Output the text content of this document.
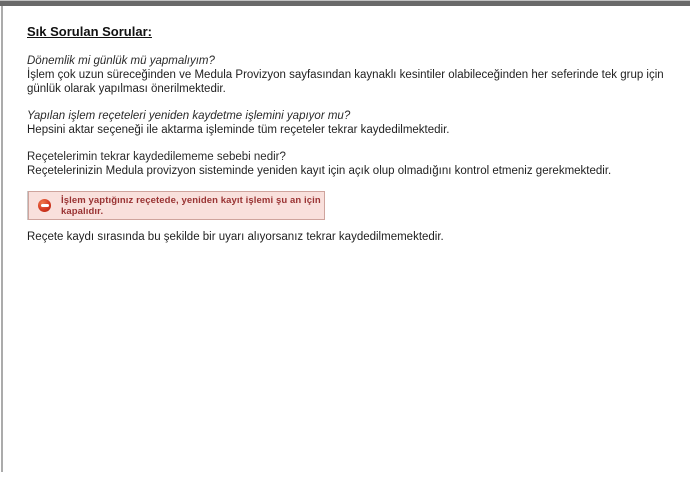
Sık Sorulan Sorular:
Dönemlik mi günlük mü yapmalıyım?
İşlem çok uzun süreceğinden ve Medula Provizyon sayfasından kaynaklı kesintiler olabileceğinden her seferinde tek grup için günlük olarak yapılması önerilmektedir.
Yapılan işlem reçeteleri yeniden kaydetme işlemini yapıyor mu?
Hepsini aktar seçeneği ile aktarma işleminde tüm reçeteler tekrar kaydedilmektedir.
Reçetelerimin tekrar kaydedilememe sebebi nedir?
Reçetelerinizin Medula provizyon sisteminde yeniden kayıt için açık olup olmadığını kontrol etmeniz gerekmektedir.
İşlem yaptığınız reçetede, yeniden kayıt işlemi şu an için kapalıdır.
Reçete kaydı sırasında bu şekilde bir uyarı alıyorsanız tekrar kaydedilmemektedir.
